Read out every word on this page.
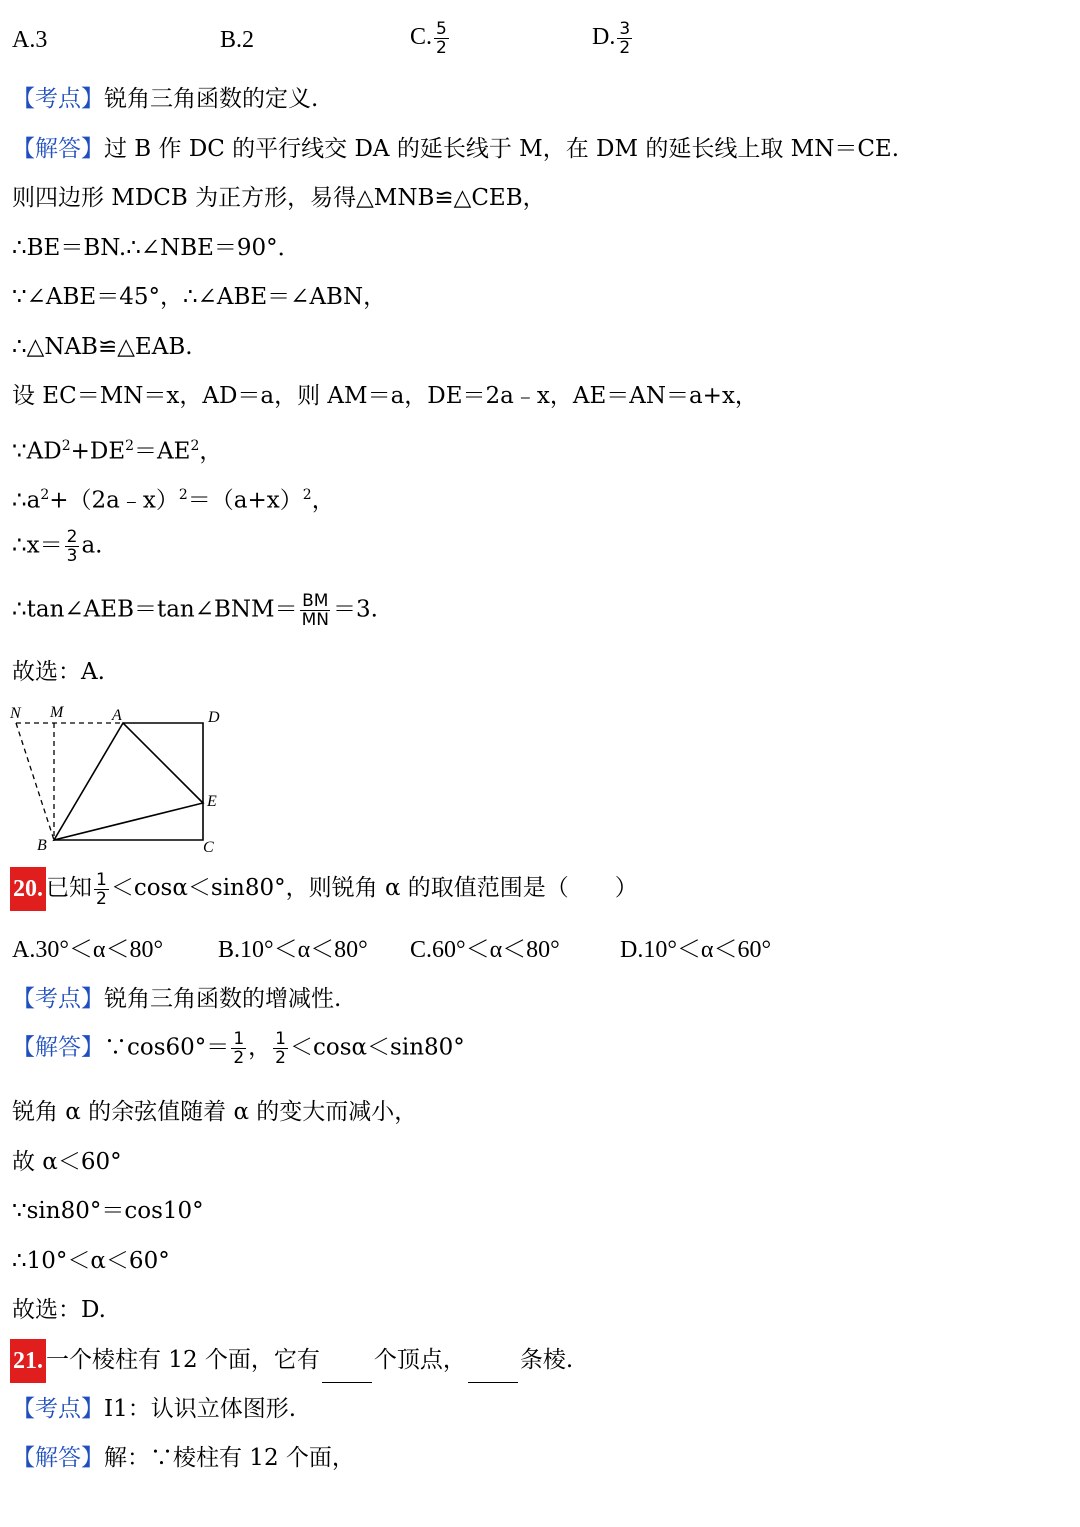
A.3	B.2	C. $\frac{5}{2}$	D. $\frac{3}{2}$
【考点】锐角三角函数的定义.
【解答】过 B 作 DC 的平行线交 DA 的延长线于 M，在 DM 的延长线上取 MN＝CE.
则四边形 MDCB 为正方形，易得△MNB≌△CEB，
∴BE＝BN.∴∠NBE＝90°．
∵∠ABE＝45°，∴∠ABE＝∠ABN，
∴△NAB≌△EAB.
设 EC＝MN＝x，AD＝a，则 AM＝a，DE＝2a﹣x，AE＝AN＝a+x，
$\because AD^2+DE^2=AE^2$，
$\therefore a^2+(2a﹣x)^2=(a+x)^2$，
∴x＝ $\frac{2}{3} a$.
∴tan∠AEB＝tan∠BNM＝ $\frac{BM}{MN} =3$.
故选：A.
N M	A	D
E
B	C
20. 已知 $\frac{1}{2} <\cos\alpha<\sin 80^\circ$，则锐角 α 的取值范围是（　　）
A.30°＜α＜80° B.10°＜α＜80° C.60°＜α＜80°	D.10°＜α＜60°
【考点】锐角三角函数的增减性.
【解答】∵cos60°＝ $\frac{1}{2}$ ， $\frac{1}{2} <\cos\alpha<\sin 80^\circ$
锐角 α 的余弦值随着 α 的变大而减小，
故 α＜60°
∵sin80°＝cos10°
∴10°＜α＜60°
故选：D.
21. 一个棱柱有 12 个面，它有 个顶点， 条棱.
【考点】I1：认识立体图形.
【解答】解：∵棱柱有 12 个面，
